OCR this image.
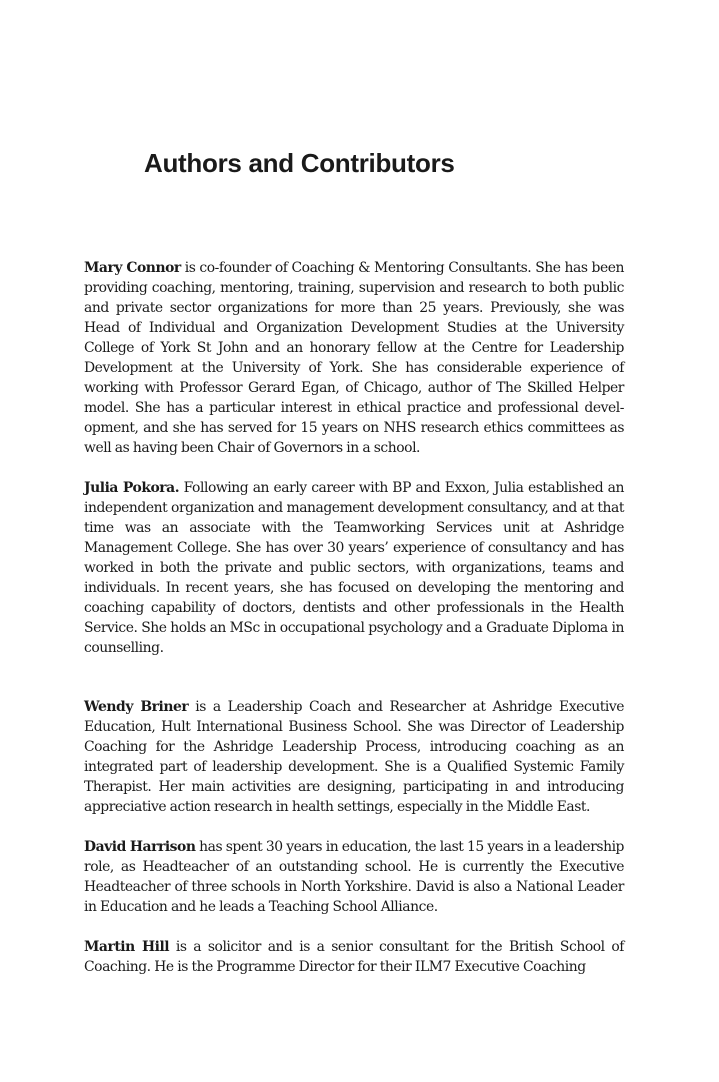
Authors and Contributors

Mary Connor is co-founder of Coaching & Mentoring Consultants. She has been providing coaching, mentoring, training, supervision and research to both public and private sector organizations for more than 25 years. Previously, she was Head of Individual and Organization Development Studies at the University College of York St John and an honorary fellow at the Centre for Leadership Development at the University of York. She has considerable experience of working with Professor Gerard Egan, of Chicago, author of The Skilled Helper model. She has a particular interest in ethical practice and professional devel-opment, and she has served for 15 years on NHS research ethics committees as well as having been Chair of Governors in a school.

Julia Pokora. Following an early career with BP and Exxon, Julia established an independent organization and management development consultancy, and at that time was an associate with the Teamworking Services unit at Ashridge Management College. She has over 30 years’ experience of consultancy and has worked in both the private and public sectors, with organizations, teams and individuals. In recent years, she has focused on developing the mentoring and coaching capability of doctors, dentists and other professionals in the Health Service. She holds an MSc in occupational psychology and a Graduate Diploma in counselling.

Wendy Briner is a Leadership Coach and Researcher at Ashridge Executive Education, Hult International Business School. She was Director of Leadership Coaching for the Ashridge Leadership Process, introducing coaching as an integrated part of leadership development. She is a Qualified Systemic Family Therapist. Her main activities are designing, participating in and introducing appreciative action research in health settings, especially in the Middle East.

David Harrison has spent 30 years in education, the last 15 years in a leadership role, as Headteacher of an outstanding school. He is currently the Executive Headteacher of three schools in North Yorkshire. David is also a National Leader in Education and he leads a Teaching School Alliance.

Martin Hill is a solicitor and is a senior consultant for the British School of Coaching. He is the Programme Director for their ILM7 Executive Coaching
